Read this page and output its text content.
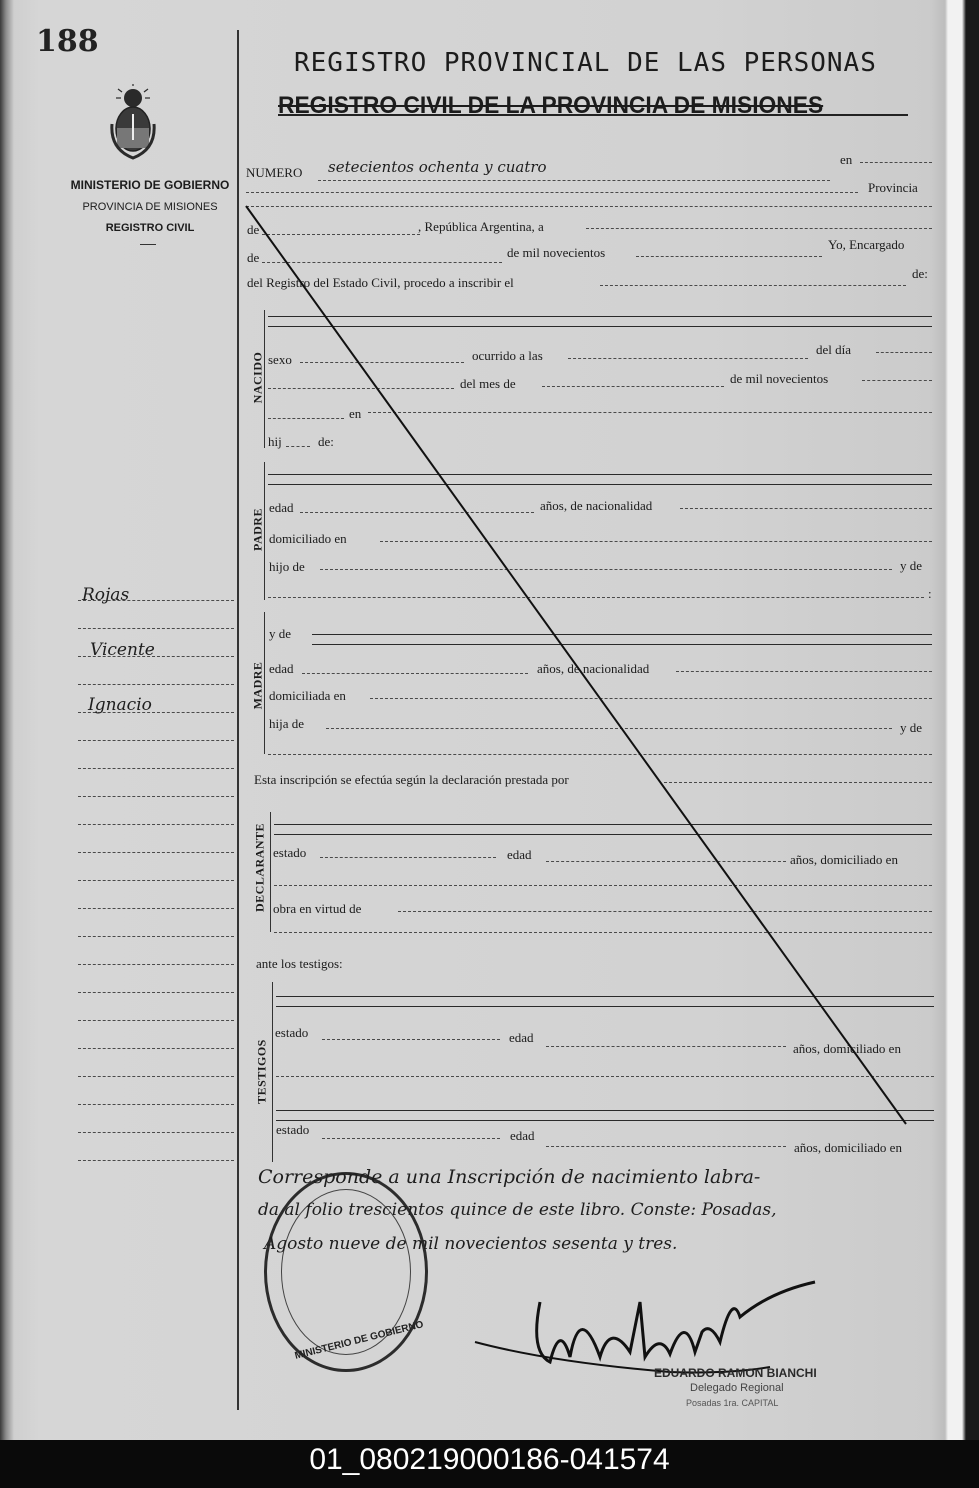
188
MINISTERIO DE GOBIERNO
PROVINCIA DE MISIONES
REGISTRO CIVIL
Rojas
Vicente
Ignacio
REGISTRO PROVINCIAL DE LAS PERSONAS
REGISTRO CIVIL DE LA PROVINCIA DE MISIONES
NUMERO setecientos ochenta y cuatro	en
Provincia
de	, República Argentina, a
de	de mil novecientos
Yo, Encargado
del Registro del Estado Civil, procedo a inscribir el
de:
NACIDO sexo	ocurrido a las	del día
del mes de	de mil novecientos
en
hij	de:
PADRE
edad	años, de nacionalidad
domiciliado en
hijo de	y de
:
MADRE
y de
edad	años, de nacionalidad
domiciliada en
hija de	y de
Esta inscripción se efectúa según la declaración prestada por
DECLARANTE estado	edad	años, domiciliado en
obra en virtud de
ante los testigos:
TESTIGOS
estado	edad
años, domiciliado en
estado	edad
años, domiciliado en
MINISTERIO DE GOBIERNO
Corresponde a una Inscripción de nacimiento labra-
da al folio trescientos quince de este libro. Conste: Posadas,
Agosto nueve de mil novecientos sesenta y tres.
EDUARDO RAMON BIANCHI
Delegado Regional
Posadas 1ra. CAPITAL
01_080219000186-041574
